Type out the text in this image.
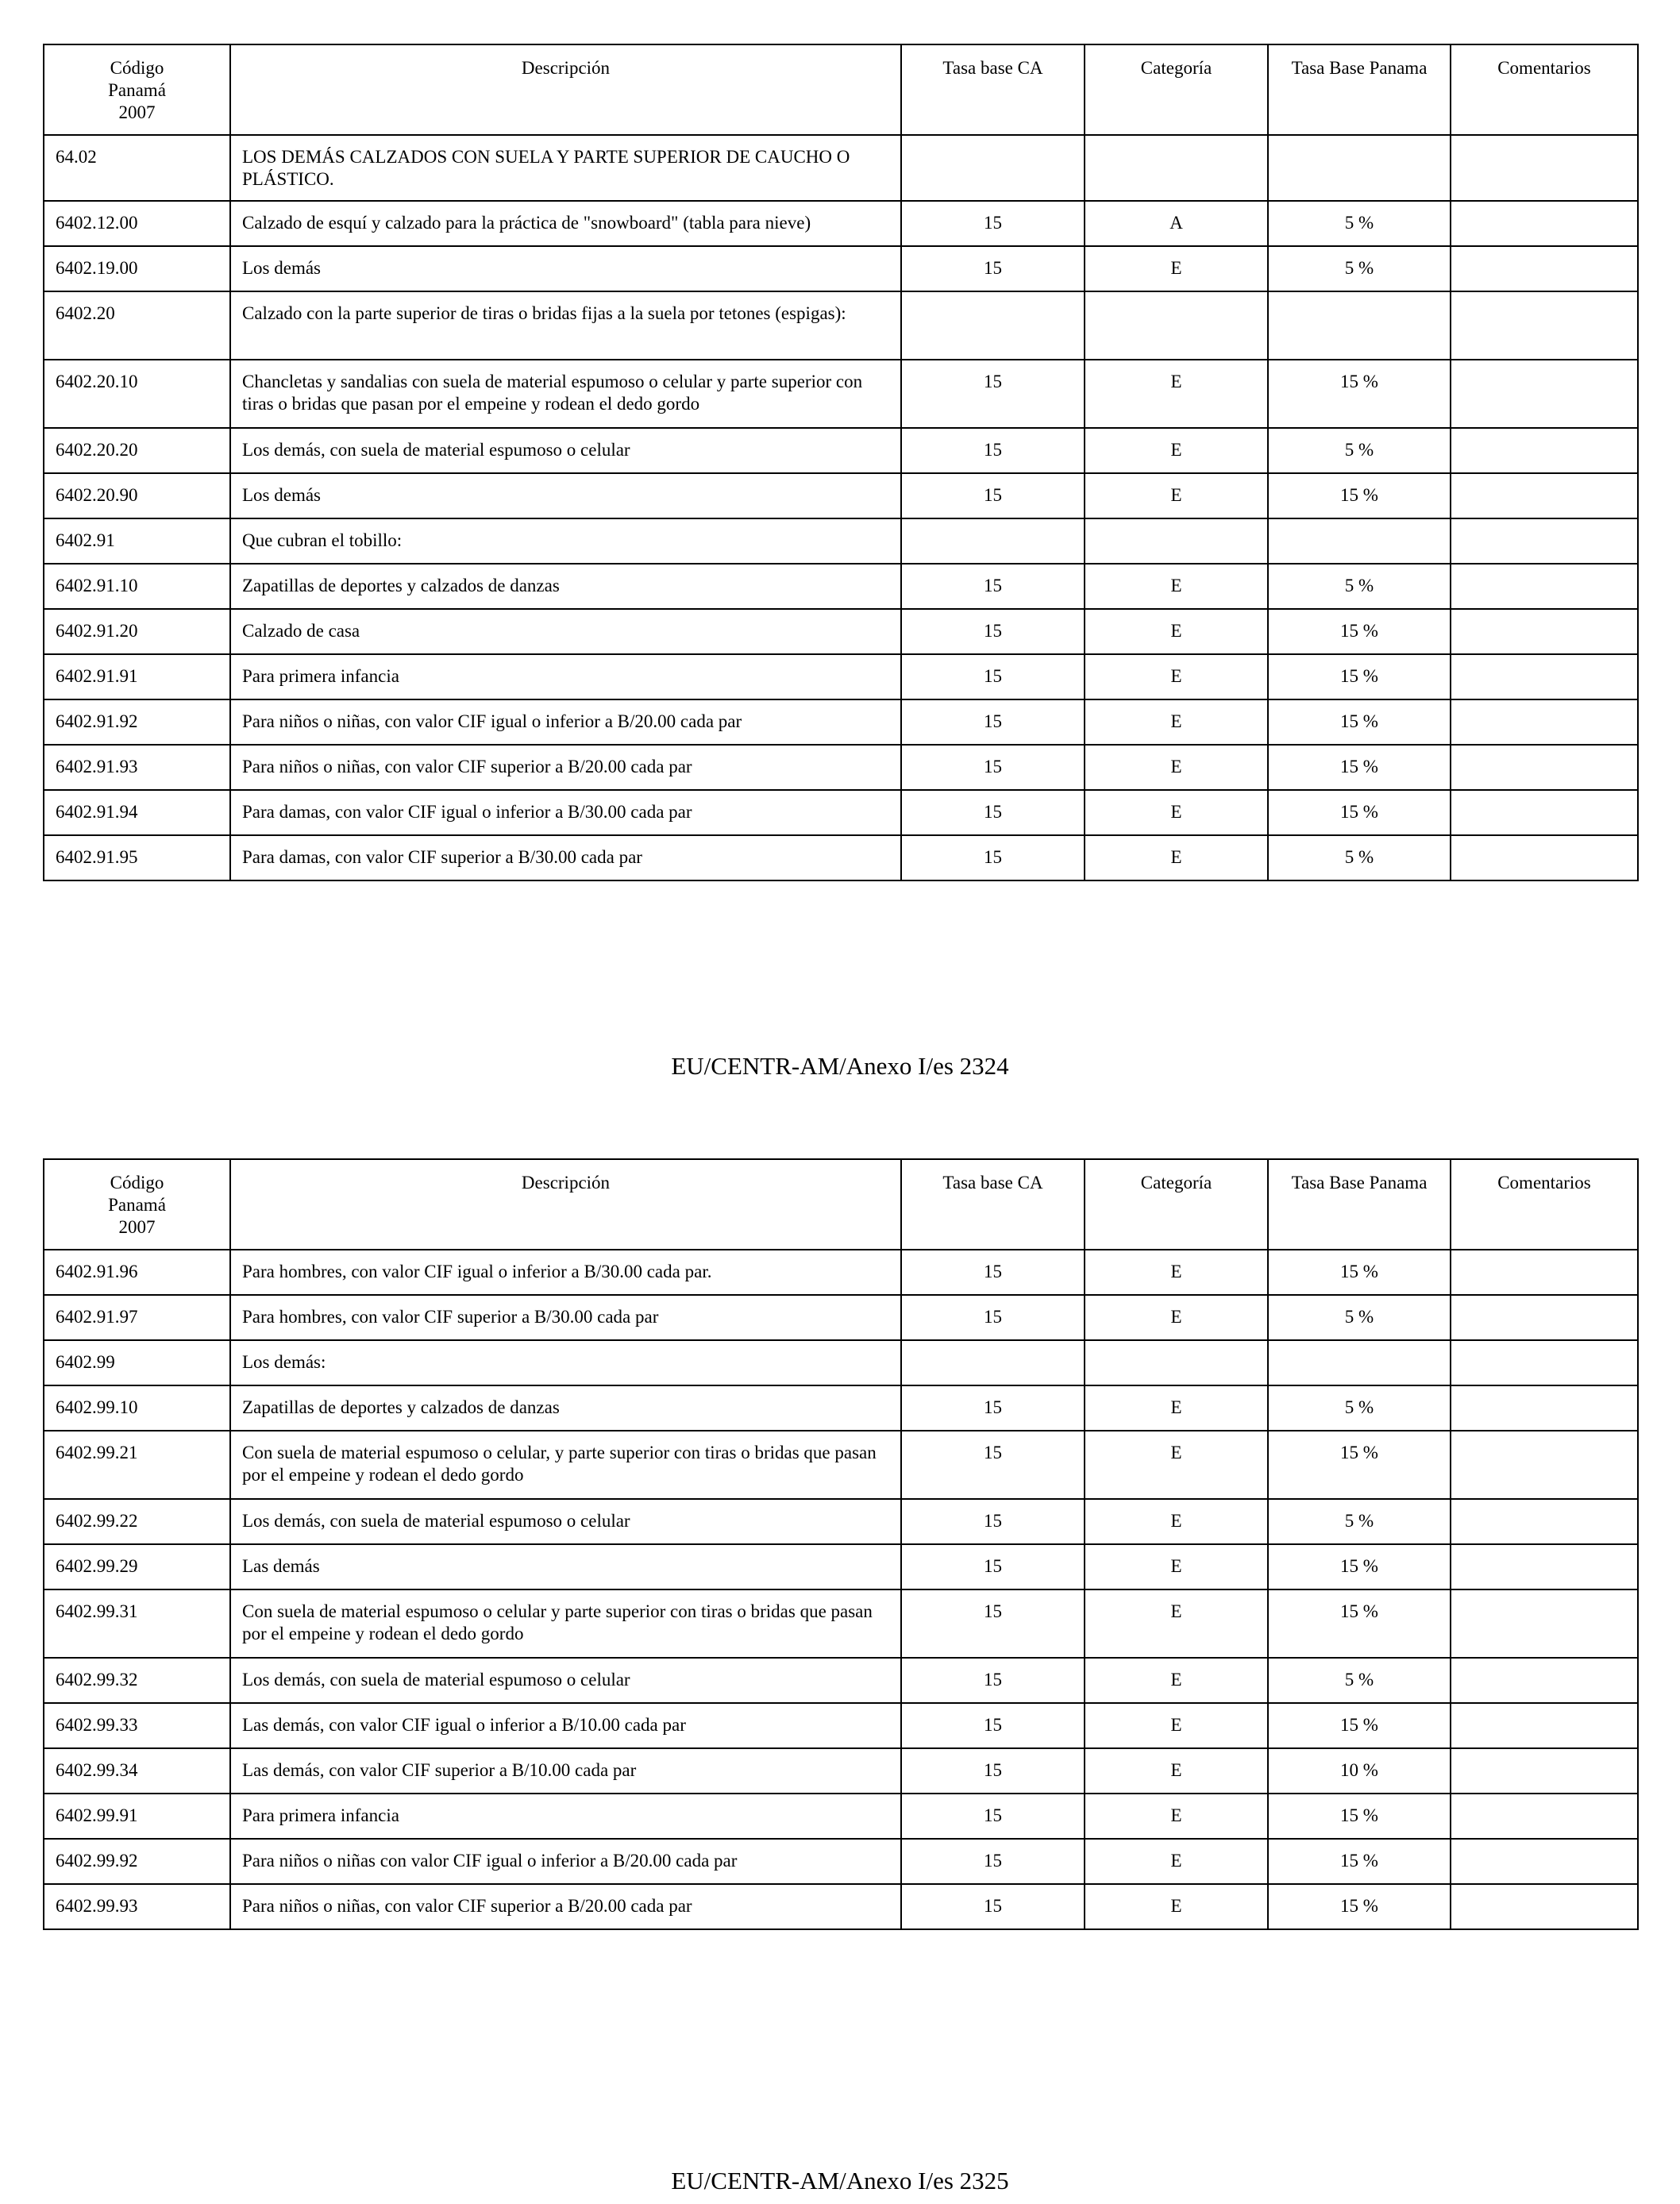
Código
Panamá
2007	Descripción	Tasa base CA	Categoría	Tasa Base Panama	Comentarios
64.02	LOS DEMÁS CALZADOS CON SUELA Y PARTE SUPERIOR DE CAUCHO O PLÁSTICO.				
6402.12.00	Calzado de esquí y calzado para la práctica de "snowboard" (tabla para nieve)	15	A	5 %	
6402.19.00	Los demás	15	E	5 %	
6402.20	Calzado con la parte superior de tiras o bridas fijas a la suela por tetones (espigas):				
6402.20.10	Chancletas y sandalias con suela de material espumoso o celular y parte superior con tiras o bridas que pasan por el empeine y rodean el dedo gordo	15	E	15 %	
6402.20.20	Los demás, con suela de material espumoso o celular	15	E	5 %	
6402.20.90	Los demás	15	E	15 %	
6402.91	Que cubran el tobillo:				
6402.91.10	Zapatillas de deportes y calzados de danzas	15	E	5 %	
6402.91.20	Calzado de casa	15	E	15 %	
6402.91.91	Para primera infancia	15	E	15 %	
6402.91.92	Para niños o niñas, con valor CIF igual o inferior a B/20.00 cada par	15	E	15 %	
6402.91.93	Para niños o niñas, con valor CIF superior a B/20.00 cada par	15	E	15 %	
6402.91.94	Para damas, con valor CIF igual o inferior a B/30.00 cada par	15	E	15 %	
6402.91.95	Para damas, con valor CIF superior a B/30.00 cada par	15	E	5 %	
EU/CENTR-AM/Anexo I/es 2324
Código
Panamá
2007	Descripción	Tasa base CA	Categoría	Tasa Base Panama	Comentarios
6402.91.96	Para hombres, con valor CIF igual o inferior a B/30.00 cada par.	15	E	15 %	
6402.91.97	Para hombres, con valor CIF superior a B/30.00 cada par	15	E	5 %	
6402.99	Los demás:				
6402.99.10	Zapatillas de deportes y calzados de danzas	15	E	5 %	
6402.99.21	Con suela de material espumoso o celular, y parte superior con tiras o bridas que pasan por el empeine y rodean el dedo gordo	15	E	15 %	
6402.99.22	Los demás, con suela de material espumoso o celular	15	E	5 %	
6402.99.29	Las demás	15	E	15 %	
6402.99.31	Con suela de material espumoso o celular y parte superior con tiras o bridas que pasan por el empeine y rodean el dedo gordo	15	E	15 %	
6402.99.32	Los demás, con suela de material espumoso o celular	15	E	5 %	
6402.99.33	Las demás, con valor CIF igual o inferior a B/10.00 cada par	15	E	15 %	
6402.99.34	Las demás, con valor CIF superior a B/10.00 cada par	15	E	10 %	
6402.99.91	Para primera infancia	15	E	15 %	
6402.99.92	Para niños o niñas con valor CIF igual o inferior a B/20.00 cada par	15	E	15 %	
6402.99.93	Para niños o niñas, con valor CIF superior a B/20.00 cada par	15	E	15 %	
EU/CENTR-AM/Anexo I/es 2325
